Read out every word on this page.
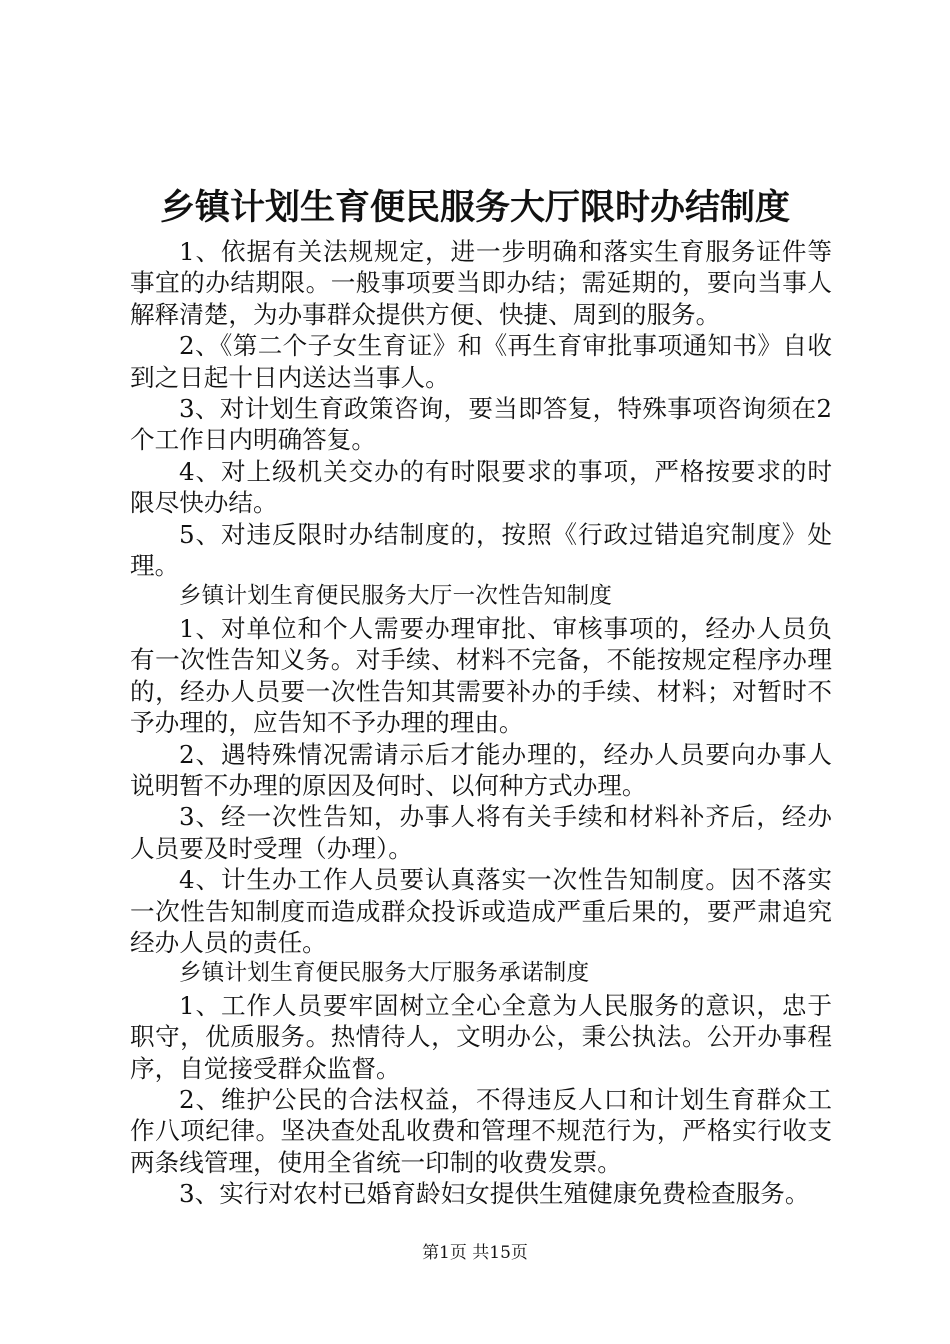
乡镇计划生育便民服务大厅限时办结制度

1、依据有关法规规定，进一步明确和落实生育服务证件等事宜的办结期限。一般事项要当即办结；需延期的，要向当事人解释清楚，为办事群众提供方便、快捷、周到的服务。

2、《第二个子女生育证》和《再生育审批事项通知书》自收到之日起十日内送达当事人。

3、对计划生育政策咨询，要当即答复，特殊事项咨询须在2个工作日内明确答复。

4、对上级机关交办的有时限要求的事项，严格按要求的时限尽快办结。

5、对违反限时办结制度的，按照《行政过错追究制度》处理。

乡镇计划生育便民服务大厅一次性告知制度

1、对单位和个人需要办理审批、审核事项的，经办人员负有一次性告知义务。对手续、材料不完备，不能按规定程序办理的，经办人员要一次性告知其需要补办的手续、材料；对暂时不予办理的，应告知不予办理的理由。

2、遇特殊情况需请示后才能办理的，经办人员要向办事人说明暂不办理的原因及何时、以何种方式办理。

3、经一次性告知，办事人将有关手续和材料补齐后，经办人员要及时受理（办理）。

4、计生办工作人员要认真落实一次性告知制度。因不落实一次性告知制度而造成群众投诉或造成严重后果的，要严肃追究经办人员的责任。

乡镇计划生育便民服务大厅服务承诺制度

1、工作人员要牢固树立全心全意为人民服务的意识，忠于职守，优质服务。热情待人，文明办公，秉公执法。公开办事程序，自觉接受群众监督。

2、维护公民的合法权益，不得违反人口和计划生育群众工作八项纪律。坚决查处乱收费和管理不规范行为，严格实行收支两条线管理，使用全省统一印制的收费发票。

3、实行对农村已婚育龄妇女提供生殖健康免费检查服务。

第1页 共15页
